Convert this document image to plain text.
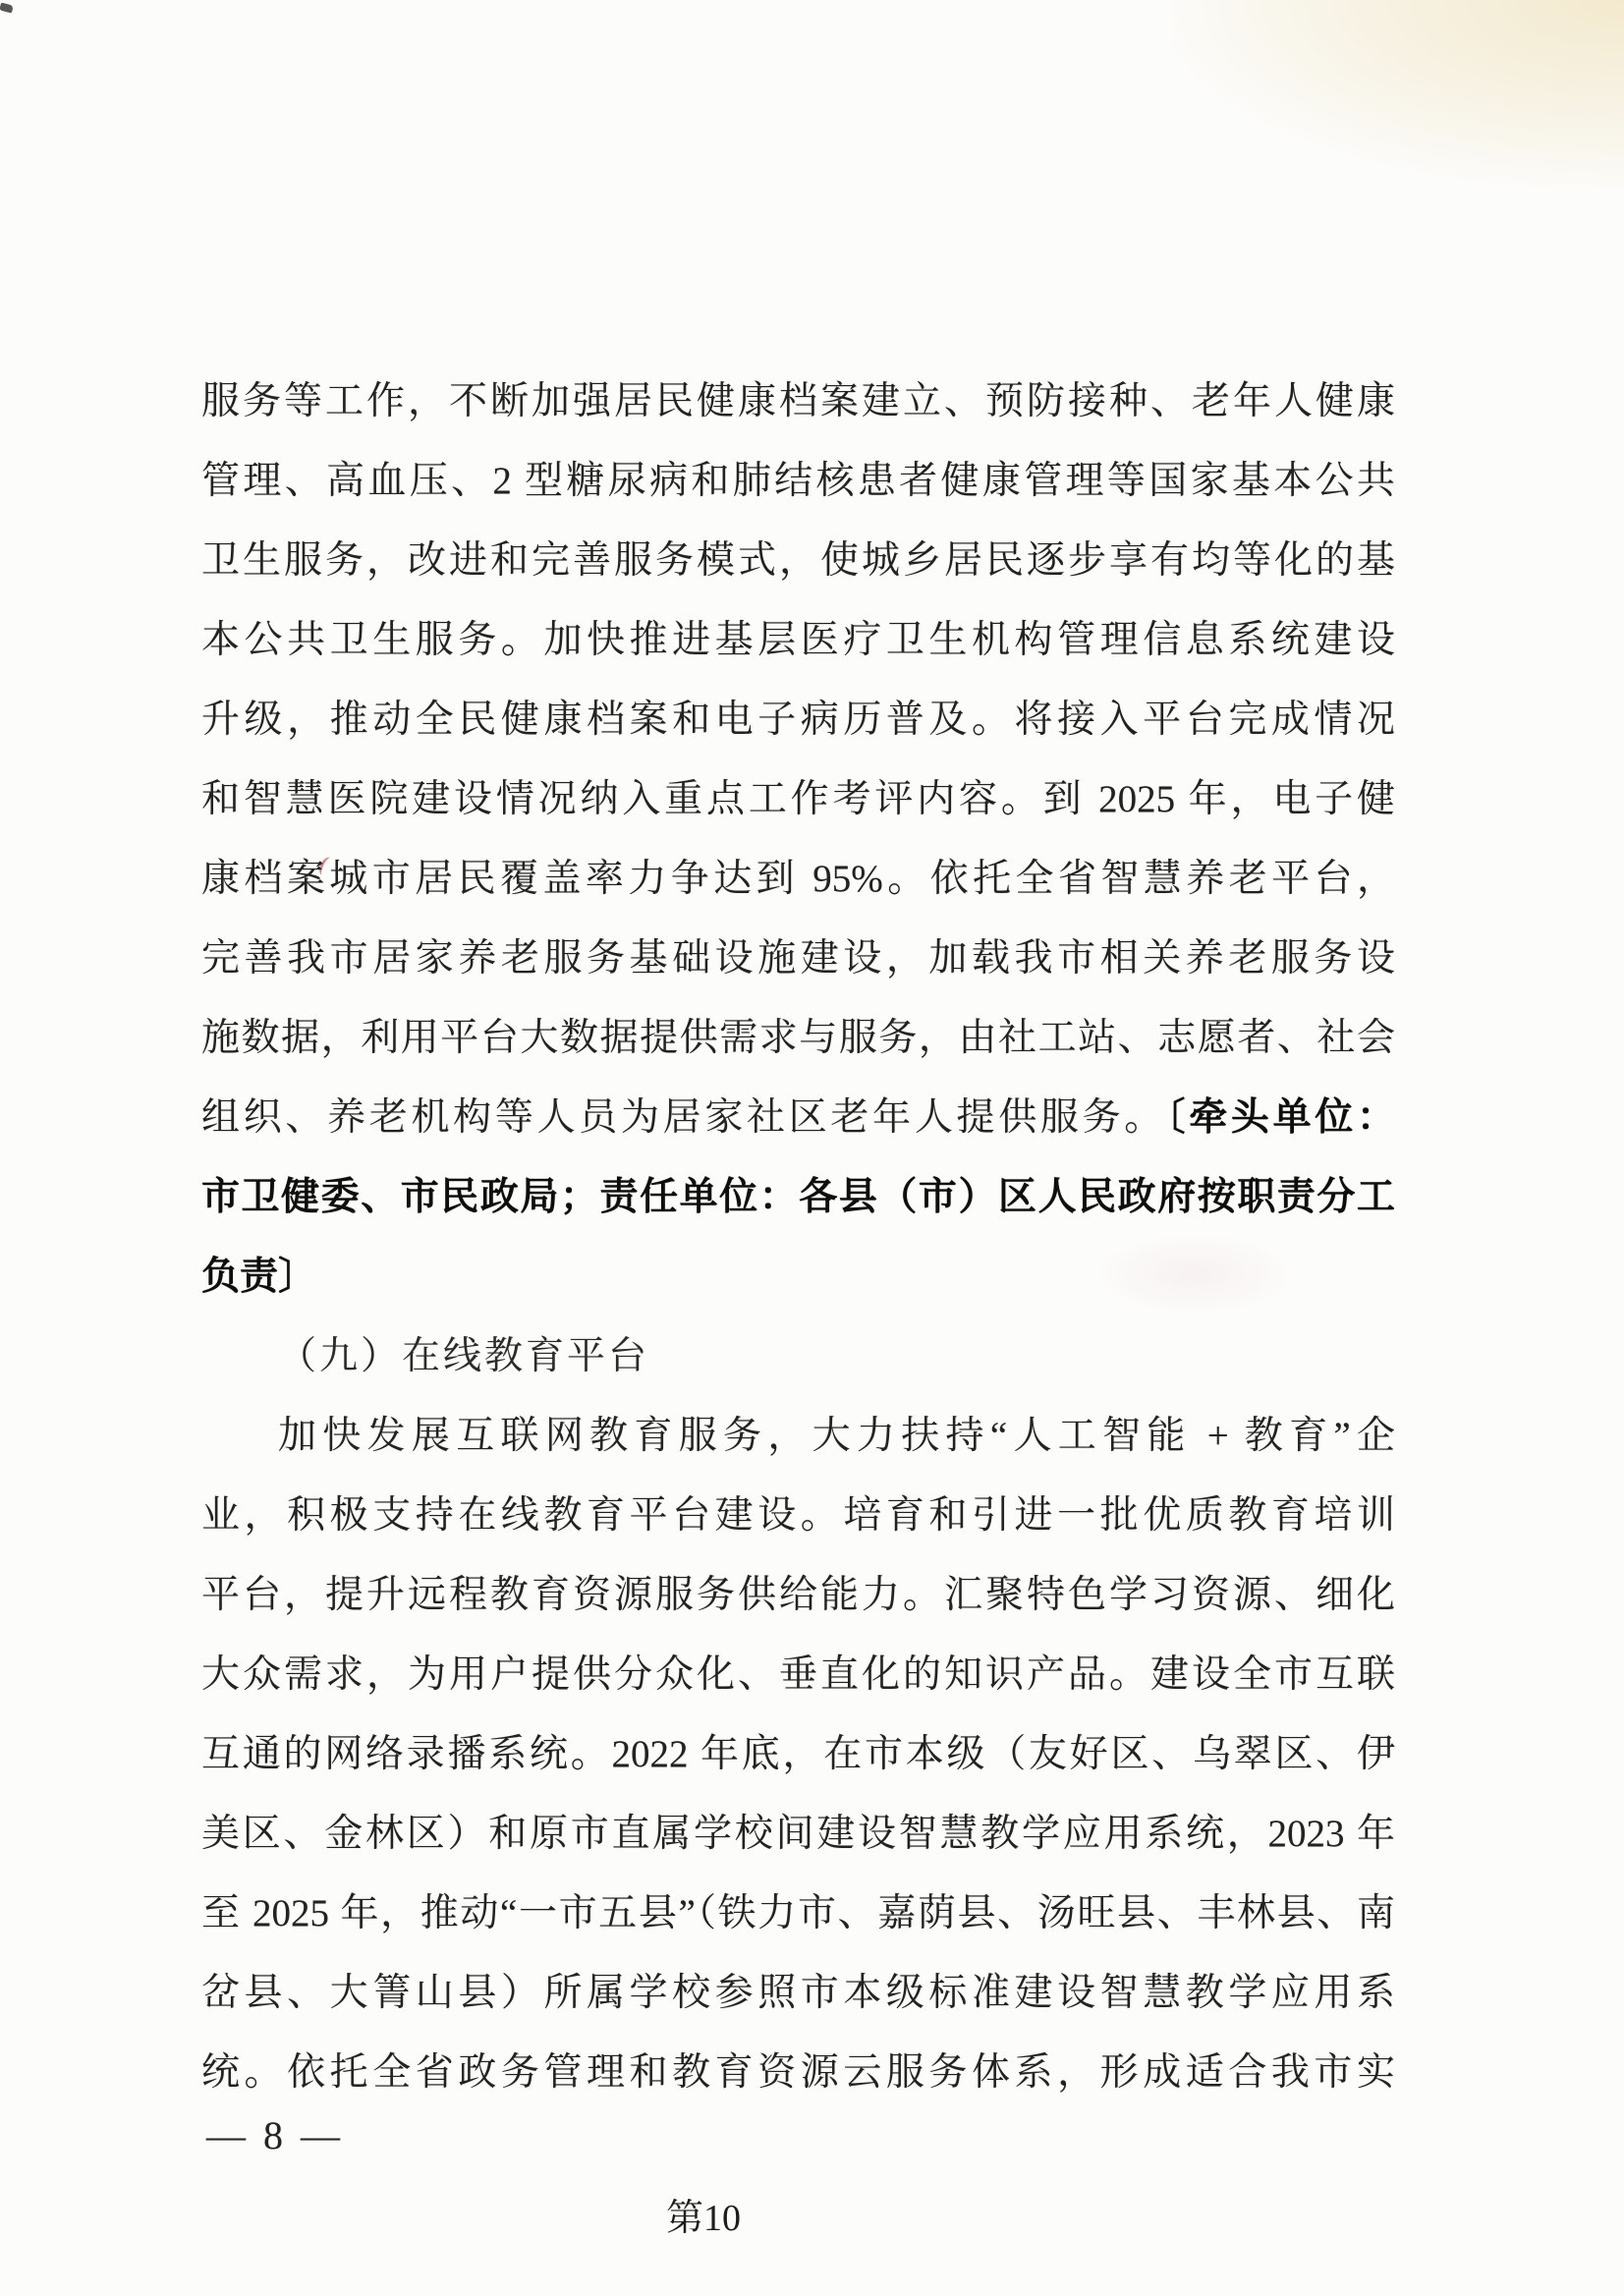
服务等工作，不断加强居民健康档案建立、预防接种、老年人健康
管理、高血压、2 型糖尿病和肺结核患者健康管理等国家基本公共
卫生服务，改进和完善服务模式，使城乡居民逐步享有均等化的基
本公共卫生服务。加快推进基层医疗卫生机构管理信息系统建设
升级，推动全民健康档案和电子病历普及。将接入平台完成情况
和智慧医院建设情况纳入重点工作考评内容。到 2025 年，电子健
康档案城市居民覆盖率力争达到 95%。依托全省智慧养老平台，
完善我市居家养老服务基础设施建设，加载我市相关养老服务设
施数据，利用平台大数据提供需求与服务，由社工站、志愿者、社会
组织、养老机构等人员为居家社区老年人提供服务。〔牵头单位：
市卫健委、市民政局；责任单位：各县（市）区人民政府按职责分工
负责〕
（九）在线教育平台
加快发展互联网教育服务，大力扶持“人工智能 + 教育”企
业，积极支持在线教育平台建设。培育和引进一批优质教育培训
平台，提升远程教育资源服务供给能力。汇聚特色学习资源、细化
大众需求，为用户提供分众化、垂直化的知识产品。建设全市互联
互通的网络录播系统。2022 年底，在市本级（友好区、乌翠区、伊
美区、金林区）和原市直属学校间建设智慧教学应用系统，2023 年
至 2025 年，推动“一市五县”（铁力市、嘉荫县、汤旺县、丰林县、南
岔县、大箐山县）所属学校参照市本级标准建设智慧教学应用系
统。依托全省政务管理和教育资源云服务体系，形成适合我市实
— 8 —
第10
